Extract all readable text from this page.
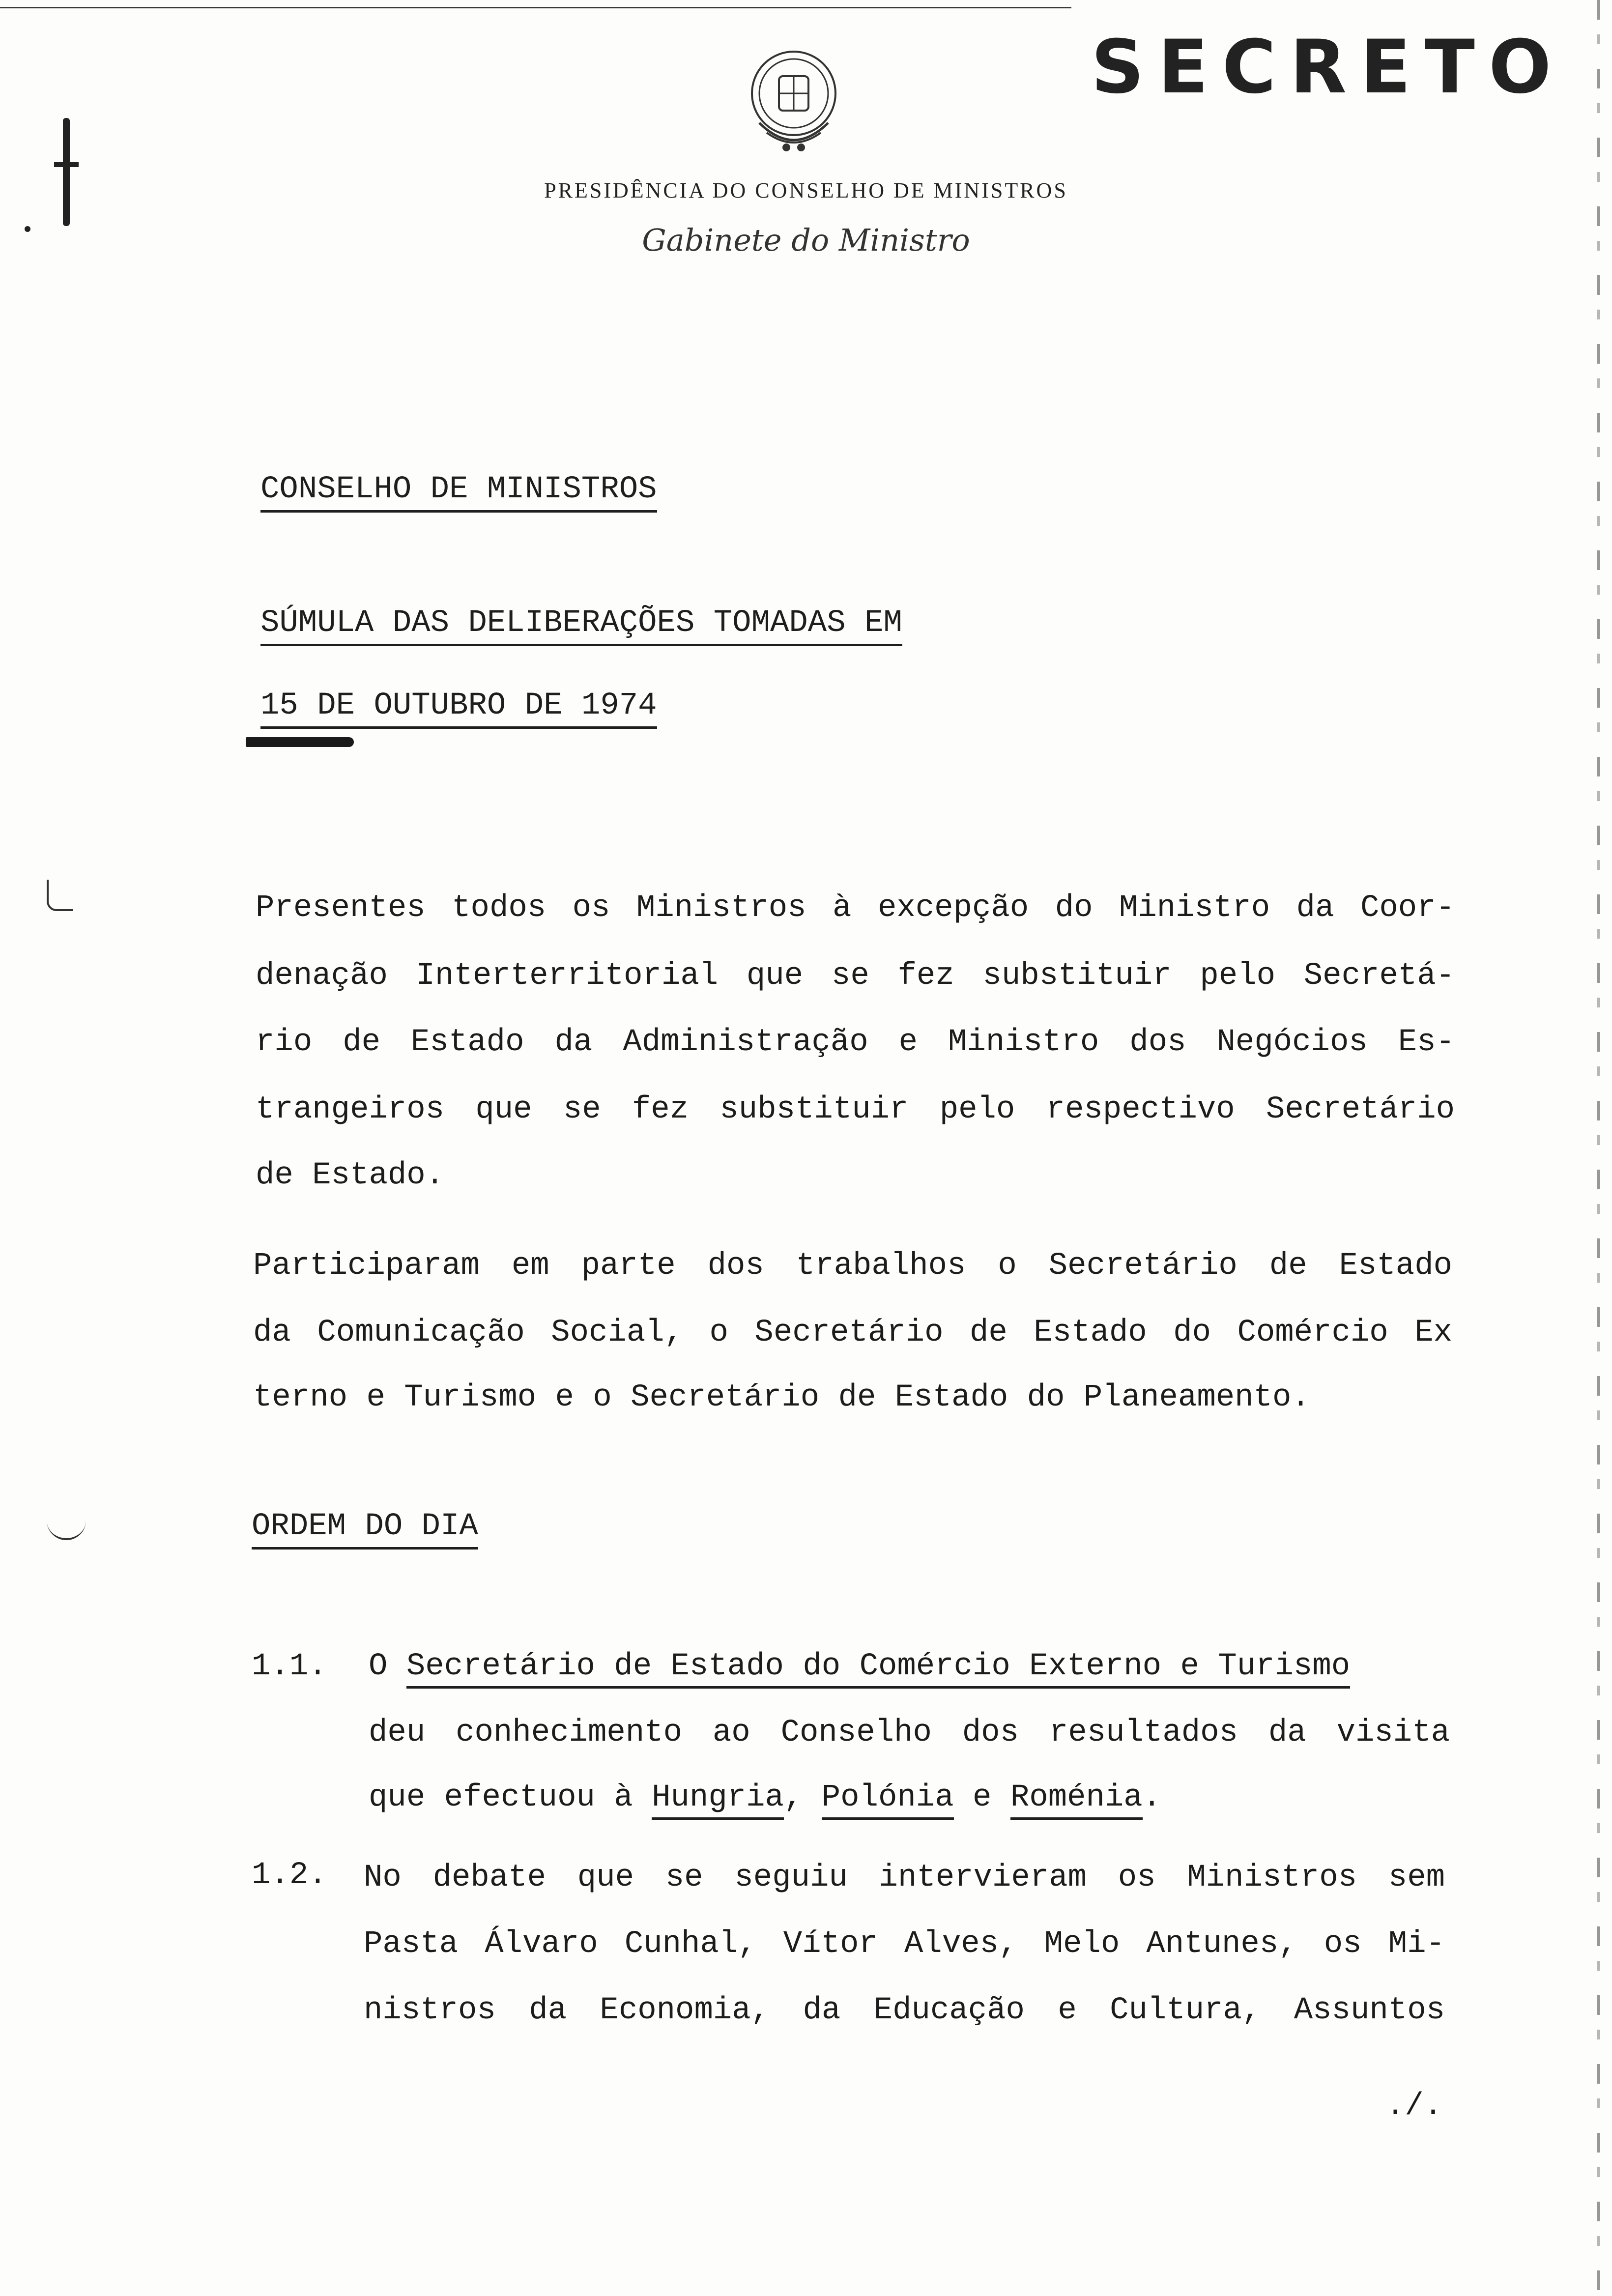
SECRETO
PRESIDÊNCIA DO CONSELHO DE MINISTROS
Gabinete do Ministro
CONSELHO DE MINISTROS
SÚMULA DAS DELIBERAÇÕES TOMADAS EM
15 DE OUTUBRO DE 1974
Presentes todos os Ministros à excepção do Ministro da Coor-
denação Interterritorial que se fez substituir pelo Secretá-
rio de Estado da Administração e Ministro dos Negócios Es-
trangeiros que se fez substituir pelo respectivo Secretário
de Estado.
Participaram em parte dos trabalhos o Secretário de Estado
da Comunicação Social, o Secretário de Estado do Comércio Ex
terno e Turismo e o Secretário de Estado do Planeamento.
ORDEM DO DIA
1.1. O Secretário de Estado do Comércio Externo e Turismo
deu conhecimento ao Conselho dos resultados da visita
que efectuou à Hungria, Polónia e Roménia.
1.2. No debate que se seguiu intervieram os Ministros sem
Pasta Álvaro Cunhal, Vítor Alves, Melo Antunes, os Mi-
nistros da Economia, da Educação e Cultura, Assuntos
./.
